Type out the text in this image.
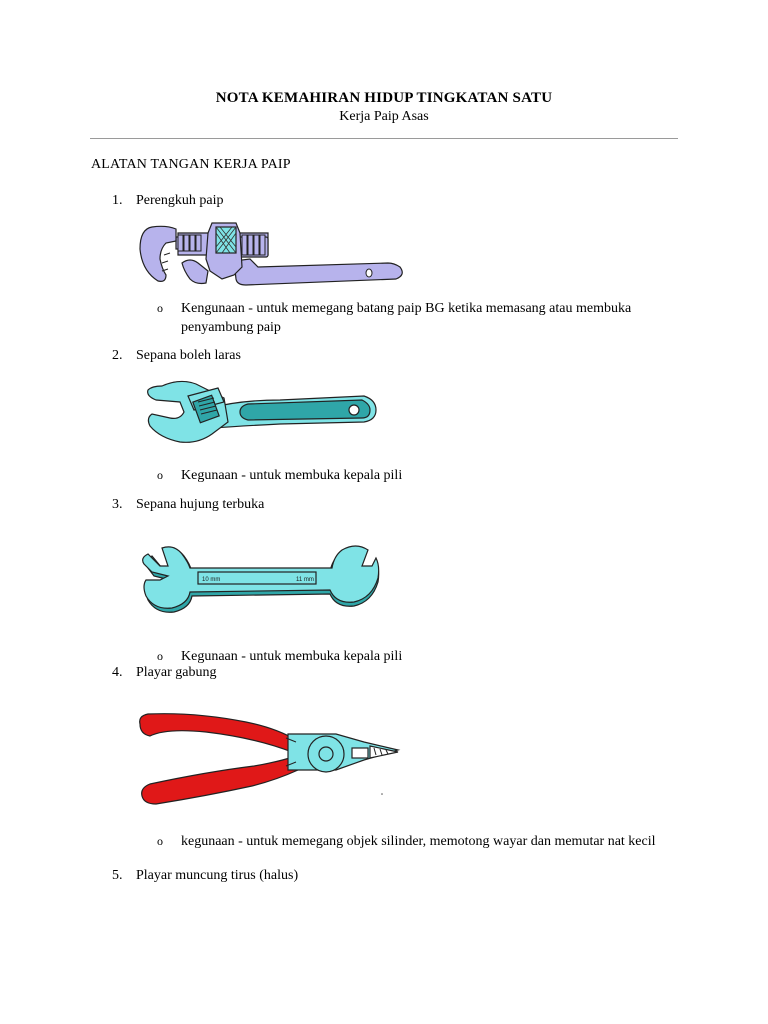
NOTA KEMAHIRAN HIDUP TINGKATAN SATU
Kerja Paip Asas
ALATAN TANGAN KERJA PAIP
1. Perengkuh paip
o Kengunaan - untuk memegang batang paip BG ketika memasang atau membuka penyambung paip
2. Sepana boleh laras
o Kegunaan - untuk membuka kepala pili
3. Sepana hujung terbuka
10 mm	11 mm
o Kegunaan - untuk membuka kepala pili
4. Playar gabung
o kegunaan - untuk memegang objek silinder, memotong wayar dan memutar nat kecil
5. Playar muncung tirus (halus)
